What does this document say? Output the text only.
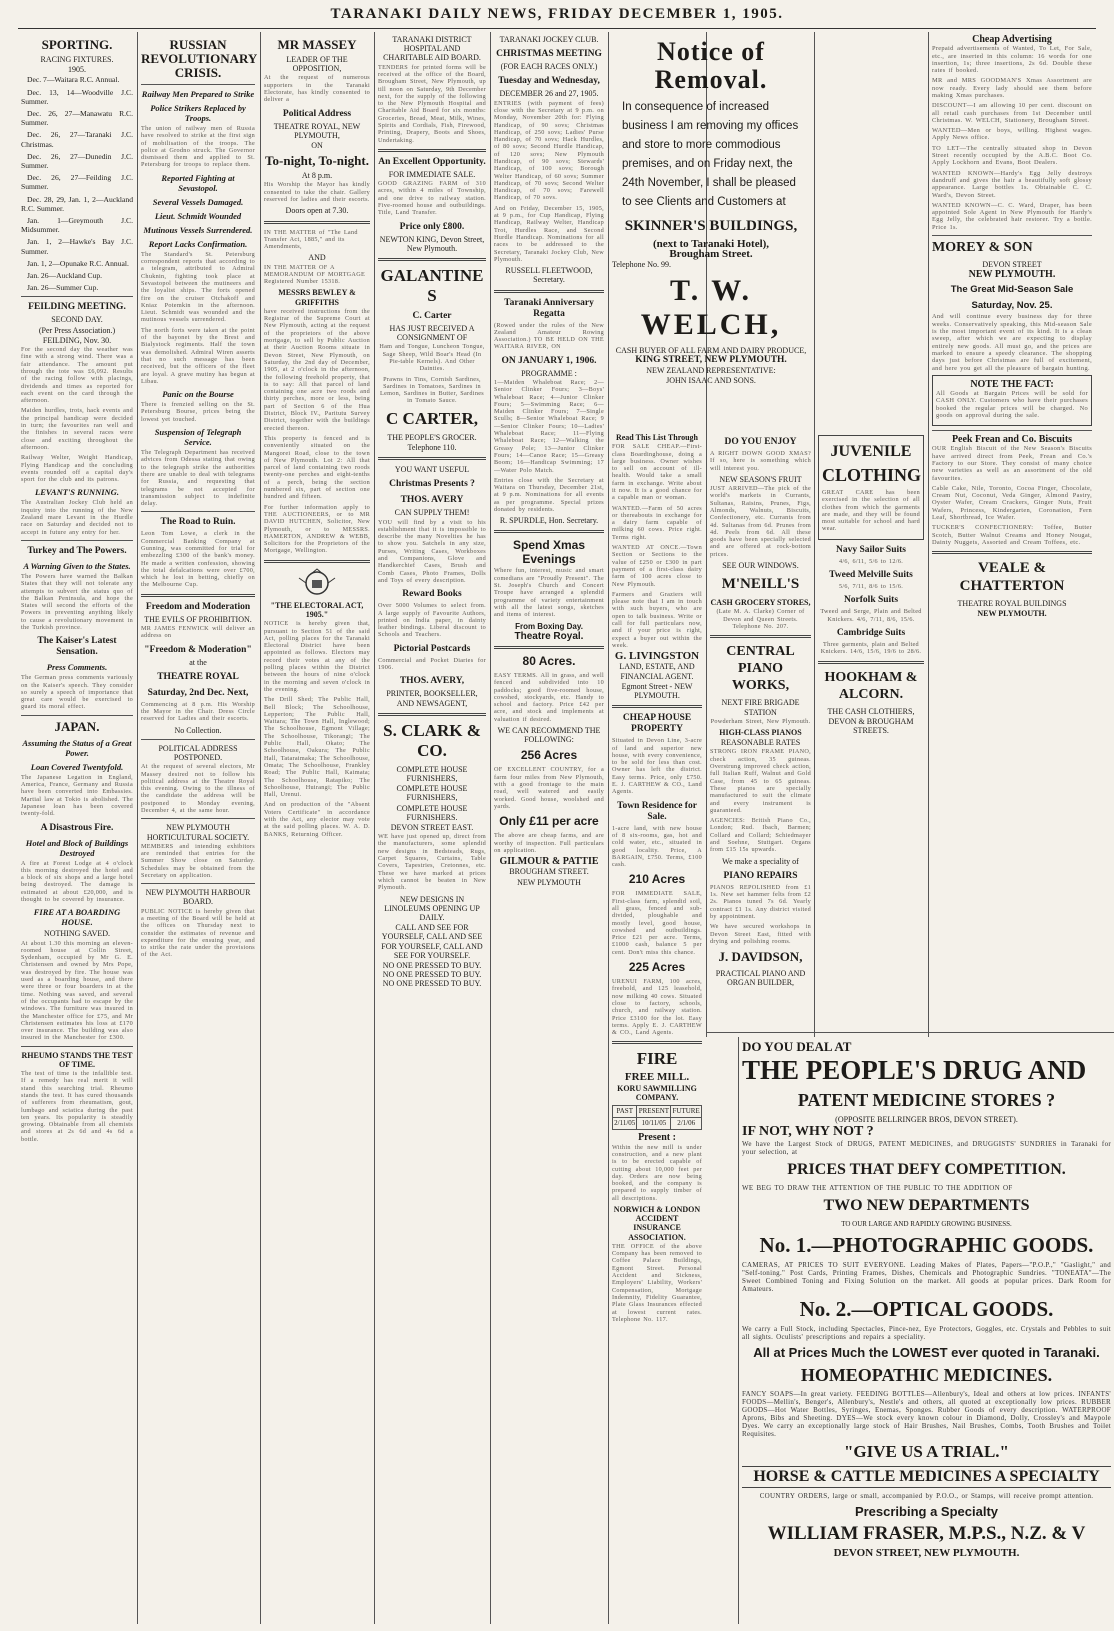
TARANAKI DAILY NEWS, FRIDAY DECEMBER 1, 1905.
SPORTING.
RACING FIXTURES.
1905.
Dec. 7—Waitara R.C. Annual.
Dec. 13, 14—Woodville J.C. Summer.
Dec. 26, 27—Manawatu R.C. Summer.
Dec. 26, 27—Taranaki J.C. Christmas.
Dec. 26, 27—Dunedin J.C. Summer.
Dec. 26, 27—Feilding J.C. Summer.
Dec. 28, 29, Jan. 1, 2—Auckland R.C. Summer.
Jan. 1—Greymouth J.C. Midsummer.
Jan. 1, 2—Hawke's Bay J.C. Summer.
Jan. 1, 2—Opunake R.C. Annual.
Jan. 26—Auckland Cup.
Jan. 26—Summer Cup.
FEILDING MEETING.
SECOND DAY.
(Per Press Association.)
FEILDING, Nov. 30.
For the second day the weather was fine with a strong wind. There was a fair attendance. The amount put through the tote was £6,092. Results of the racing follow with placings, dividends and times as reported for each event on the card through the afternoon.
Maiden hurdles, trots, hack events and the principal handicap were decided in turn; the favourites ran well and the finishes in several races were close and exciting throughout the afternoon.
Railway Welter, Weight Handicap, Flying Handicap and the concluding events rounded off a capital day's sport for the club and its patrons.
LEVANT'S RUNNING.
The Australian Jockey Club held an inquiry into the running of the New Zealand mare Levant in the Hurdle race on Saturday and decided not to accept in future any entry for her.
Turkey and The Powers.
A Warning Given to the States.
The Powers have warned the Balkan States that they will not tolerate any attempts to subvert the status quo of the Balkan Peninsula, and hope the States will second the efforts of the Powers in preventing anything likely to cause a revolutionary movement in the Turkish province.
The Kaiser's Latest Sensation.
Press Comments.
The German press comments variously on the Kaiser's speech. They consider so surely a speech of importance that great care would be exercised to guard its moral effect.
JAPAN.
Assuming the Status of a Great Power.
Loan Covered Twentyfold.
The Japanese Legation in England, America, France, Germany and Russia have been converted into Embassies. Martial law at Tokio is abolished. The Japanese loan has been covered twenty-fold.
A Disastrous Fire.
Hotel and Block of Buildings Destroyed
A fire at Forest Lodge at 4 o'clock this morning destroyed the hotel and a block of six shops and a large hotel being destroyed. The damage is estimated at about £20,000, and is thought to be covered by insurance.
FIRE AT A BOARDING HOUSE.
NOTHING SAVED.
At about 1.30 this morning an eleven-roomed house at Collin Street, Sydenham, occupied by Mr G. E. Christensen and owned by Mrs Pope, was destroyed by fire. The house was used as a boarding house, and there were three or four boarders in at the time. Nothing was saved, and several of the occupants had to escape by the windows. The furniture was insured in the Manchester office for £75, and Mr Christensen estimates his loss at £170 over insurance. The building was also insured in the Manchester for £300.
RHEUMO STANDS THE TEST OF TIME.
The test of time is the infallible test. If a remedy has real merit it will stand this searching trial. Rheumo stands the test. It has cured thousands of sufferers from rheumatism, gout, lumbago and sciatica during the past ten years. Its popularity is steadily growing. Obtainable from all chemists and stores at 2s 6d and 4s 6d a bottle.
RUSSIAN REVOLUTIONARY CRISIS.
Railway Men Prepared to Strike
Police Strikers Replaced by Troops.
The union of railway men of Russia have resolved to strike at the first sign of mobilisation of the troops. The police at Grodno struck. The Governor dismissed them and applied to St. Petersburg for troops to replace them.
Reported Fighting at Sevastopol.
Several Vessels Damaged.
Lieut. Schmidt Wounded
Mutinous Vessels Surrendered.
Report Lacks Confirmation.
The Standard's St. Petersburg correspondent reports that according to a telegram, attributed to Admiral Chuknin, fighting took place at Sevastopol between the mutineers and the loyalist ships. The forts opened fire on the cruiser Otchakoff and Kniaz Potemkin in the afternoon. Lieut. Schmidt was wounded and the mutinous vessels surrendered.
The north forts were taken at the point of the bayonet by the Brest and Bialystock regiments. Half the town was demolished. Admiral Wiren asserts that no such message has been received, but the officers of the fleet are loyal. A grave mutiny has begun at Libau.
Panic on the Bourse
There is frenzied selling on the St. Petersburg Bourse, prices being the lowest yet touched.
Suspension of Telegraph Service.
The Telegraph Department has received advices from Odessa stating that owing to the telegraph strike the authorities there are unable to deal with telegrams for Russia, and requesting that telegrams be not accepted for transmission subject to indefinite delay.
The Road to Ruin.
Leon Tom Lowe, a clerk in the Commercial Banking Company at Gunning, was committed for trial for embezzling £300 of the bank's money. He made a written confession, showing the total defalcations were over £700, which he lost in betting, chiefly on the Melbourne Cup.
Freedom and Moderation
THE EVILS OF PROHIBITION.
MR JAMES FENWICK will deliver an address on
"Freedom & Moderation"
at the
THEATRE ROYAL
Saturday, 2nd Dec. Next,
Commencing at 8 p.m. His Worship the Mayor in the Chair. Dress Circle reserved for Ladies and their escorts.
No Collection.
POLITICAL ADDRESS POSTPONED.
At the request of several electors, Mr Massey desired not to follow his political address at the Theatre Royal this evening. Owing to the illness of the candidate the address will be postponed to Monday evening, December 4, at the same hour.
NEW PLYMOUTH HORTICULTURAL SOCIETY.
MEMBERS and intending exhibitors are reminded that entries for the Summer Show close on Saturday. Schedules may be obtained from the Secretary on application.
NEW PLYMOUTH HARBOUR BOARD.
PUBLIC NOTICE is hereby given that a meeting of the Board will be held at the offices on Thursday next to consider the estimates of revenue and expenditure for the ensuing year, and to strike the rate under the provisions of the Act.
MR MASSEY
LEADER OF THE OPPOSITION,
At the request of numerous supporters in the Taranaki Electorate, has kindly consented to deliver a
Political Address
THEATRE ROYAL, NEW PLYMOUTH,
ON
To-night, To-night.
At 8 p.m.
His Worship the Mayor has kindly consented to take the chair. Gallery reserved for ladies and their escorts.
Doors open at 7.30.
IN THE MATTER of "The Land Transfer Act, 1885," and its Amendments,
AND
IN THE MATTER OF A MEMORANDUM OF MORTGAGE Registered Number 15318.
MESSRS BEWLEY & GRIFFITHS
have received instructions from the Registrar of the Supreme Court at New Plymouth, acting at the request of the proprietors of the above mortgage, to sell by Public Auction at their Auction Rooms situate in Devon Street, New Plymouth, on Saturday, the 2nd day of December, 1905, at 2 o'clock in the afternoon, the following freehold property, that is to say: All that parcel of land containing one acre two roods and thirty perches, more or less, being part of Section 6 of the Hua District, Block IV., Paritutu Survey District, together with the buildings erected thereon.
This property is fenced and is conveniently situated on the Mangorei Road, close to the town of New Plymouth. Lot 2: All that parcel of land containing two roods twenty-one perches and eight-tenths of a perch, being the section numbered six, part of section one hundred and fifteen.
For further information apply to THE AUCTIONEERS, or to MR DAVID HUTCHEN, Solicitor, New Plymouth, or to MESSRS. HAMERTON, ANDREW & WEBB, Solicitors for the Proprietors of the Mortgage, Wellington.
"THE ELECTORAL ACT, 1905."
NOTICE is hereby given that, pursuant to Section 51 of the said Act, polling places for the Taranaki Electoral District have been appointed as follows. Electors may record their votes at any of the polling places within the District between the hours of nine o'clock in the morning and seven o'clock in the evening.
The Drill Shed; The Public Hall, Bell Block; The Schoolhouse, Lepperton; The Public Hall, Waitara; The Town Hall, Inglewood; The Schoolhouse, Egmont Village; The Schoolhouse, Tikorangi; The Public Hall, Okato; The Schoolhouse, Oakura; The Public Hall, Tataraimaka; The Schoolhouse, Omata; The Schoolhouse, Frankley Road; The Public Hall, Kaimata; The Schoolhouse, Ratapiko; The Schoolhouse, Huirangi; The Public Hall, Urenui.
And on production of the "Absent Voters Certificate" in accordance with the Act, any elector may vote at the said polling places. W. A. D. BANKS, Returning Officer.
TARANAKI DISTRICT HOSPITAL AND CHARITABLE AID BOARD.
TENDERS for printed forms will be received at the office of the Board, Brougham Street, New Plymouth, up till noon on Saturday, 9th December next, for the supply of the following to the New Plymouth Hospital and Charitable Aid Board for six months: Groceries, Bread, Meat, Milk, Wines, Spirits and Cordials, Fish, Firewood, Printing, Drapery, Boots and Shoes, Undertaking.
An Excellent Opportunity.
FOR IMMEDIATE SALE.
GOOD GRAZING FARM of 310 acres, within 4 miles of Township, and one drive to railway station. Five-roomed house and outbuildings. Title, Land Transfer.
Price only £800.
NEWTON KING, Devon Street, New Plymouth.
GALANTINE S
C. Carter
HAS JUST RECEIVED A CONSIGNMENT OF
Ham and Tongue, Luncheon Tongue, Sage Sheep, Wild Boar's Head (In Pie-table Kernels). And Other Dainties.
Prawns in Tins, Cornish Sardines, Sardines in Tomatoes, Sardines in Lemon, Sardines in Butter, Sardines in Tomato Sauce.
C CARTER,
THE PEOPLE'S GROCER.
Telephone 110.
YOU WANT USEFUL
Christmas Presents ?
THOS. AVERY
CAN SUPPLY THEM!
YOU will find by a visit to his establishment that it is impossible to describe the many Novelties he has to show you. Satchels in any size, Purses, Writing Cases, Workboxes and Companions, Glove and Handkerchief Cases, Brush and Comb Cases, Photo Frames, Dolls and Toys of every description.
Reward Books
Over 5000 Volumes to select from. A large supply of Favourite Authors, printed on India paper, in dainty leather bindings. Liberal discount to Schools and Teachers.
Pictorial Postcards
Commercial and Pocket Diaries for 1906.
THOS. AVERY,
PRINTER, BOOKSELLER, AND NEWSAGENT,
S. CLARK & CO.
COMPLETE HOUSE FURNISHERS,
COMPLETE HOUSE FURNISHERS,
COMPLETE HOUSE FURNISHERS.
DEVON STREET EAST.
WE have just opened up, direct from the manufacturers, some splendid new designs in Bedsteads, Rugs, Carpet Squares, Curtains, Table Covers, Tapestries, Cretonnes, etc. These we have marked at prices which cannot be beaten in New Plymouth.
NEW DESIGNS IN LINOLEUMS OPENING UP DAILY.
CALL AND SEE FOR YOURSELF, CALL AND SEE FOR YOURSELF, CALL AND SEE FOR YOURSELF.
NO ONE PRESSED TO BUY. NO ONE PRESSED TO BUY. NO ONE PRESSED TO BUY.
TARANAKI JOCKEY CLUB.
CHRISTMAS MEETING
(FOR EACH RACES ONLY.)
Tuesday and Wednesday,
DECEMBER 26 and 27, 1905.
ENTRIES (with payment of fees) close with the Secretary at 9 p.m. on Monday, November 20th for: Flying Handicap, of 90 sovs; Christmas Handicap, of 250 sovs; Ladies' Purse Handicap, of 70 sovs; Hack Hurdles, of 80 sovs; Second Hurdle Handicap, of 120 sovs; New Plymouth Handicap, of 90 sovs; Stewards' Handicap, of 100 sovs; Borough Welter Handicap, of 60 sovs; Summer Handicap, of 70 sovs; Second Welter Handicap, of 70 sovs; Farewell Handicap, of 70 sovs.
And on Friday, December 15, 1905, at 9 p.m., for Cup Handicap, Flying Handicap, Railway Welter, Handicap Trot, Hurdles Race, and Second Hurdle Handicap. Nominations for all races to be addressed to the Secretary, Taranaki Jockey Club, New Plymouth.
RUSSELL FLEETWOOD, Secretary.
Taranaki Anniversary Regatta
(Rowed under the rules of the New Zealand Amateur Rowing Association.) TO BE HELD ON THE WAITARA RIVER, ON
ON JANUARY 1, 1906.
PROGRAMME :
1—Maiden Whaleboat Race; 2—Senior Clinker Fours; 3—Boys' Whaleboat Race; 4—Junior Clinker Fours; 5—Swimming Race; 6—Maiden Clinker Fours; 7—Single Sculls; 8—Senior Whaleboat Race; 9—Senior Clinker Fours; 10—Ladies' Whaleboat Race; 11—Flying Whaleboat Race; 12—Walking the Greasy Pole; 13—Junior Clinker Fours; 14—Canoe Race; 15—Greasy Boom; 16—Handicap Swimming; 17—Water Polo Match.
Entries close with the Secretary at Waitara on Thursday, December 21st, at 9 p.m. Nominations for all events as per programme. Special prizes donated by residents.
R. SPURDLE, Hon. Secretary.
Spend Xmas Evenings
Where fun, interest, music and smart comedians are "Proudly Present". The St. Joseph's Church and Concert Troupe have arranged a splendid programme of variety entertainment with all the latest songs, sketches and items of interest.
From Boxing Day.
Theatre Royal.
80 Acres.
EASY TERMS. All in grass, and well fenced and subdivided into 10 paddocks; good five-roomed house, cowshed, stockyards, etc. Handy to school and factory. Price £42 per acre, and stock and implements at valuation if desired.
WE CAN RECOMMEND THE FOLLOWING:
256 Acres
OF EXCELLENT COUNTRY, for a farm four miles from New Plymouth, with a good frontage to the main road, well watered and easily worked. Good house, woolshed and yards.
Only £11 per acre
The above are cheap farms, and are worthy of inspection. Full particulars on application.
GILMOUR & PATTIE
BROUGHAM STREET.
NEW PLYMOUTH
Notice of Removal.
In consequence of increased business I am removing my offices and store to more commodious premises, and on Friday next, the 24th November, I shall be pleased to see Clients and Customers at
SKINNER'S BUILDINGS,
(next to Taranaki Hotel),
Brougham Street.
Telephone No. 99.
T. W. WELCH,
CASH BUYER OF ALL FARM AND DAIRY PRODUCE,
KING STREET, NEW PLYMOUTH.
NEW ZEALAND REPRESENTATIVE:
JOHN ISAAC AND SONS.
Read This List Through
FOR SALE CHEAP.—First-class Boardinghouse, doing a large business. Owner wishes to sell on account of ill-health. Would take a small farm in exchange. Write about it now. It is a good chance for a capable man or woman.
WANTED.—Farm of 50 acres or thereabouts in exchange for a dairy farm capable of milking 60 cows. Price right. Terms right.
WANTED AT ONCE.—Town Section or Sections to the value of £250 or £300 in part payment of a first-class dairy farm of 100 acres close to New Plymouth.
Farmers and Graziers will please note that I am in touch with such buyers, who are open to talk business. Write or call for full particulars now, and if your price is right, expect a buyer out within the week.
G. LIVINGSTON
LAND, ESTATE, AND FINANCIAL AGENT.
Egmont Street - NEW PLYMOUTH.
CHEAP HOUSE PROPERTY
Situated in Devon Line, 3-acre of land and superior new house, with every convenience, to be sold for less than cost. Owner has left the district. Easy terms. Price, only £750. E. J. CARTHEW & CO., Land Agents.
Town Residence for Sale.
1-acre land, with new house of 8 six-rooms, gas, hot and cold water, etc., situated in good locality. Price, A BARGAIN, £750. Terms, £100 cash.
210 Acres
FOR IMMEDIATE SALE, First-class farm, splendid soil, all grass, fenced and sub-divided, ploughable and mostly level, good house, cowshed and outbuildings. Price £21 per acre. Terms, £1000 cash, balance 5 per cent. Don't miss this chance.
225 Acres
URENUI FARM, 100 acres, freehold, and 125 leasehold, now milking 40 cows. Situated close to factory, schools, church, and railway station. Price £3100 for the lot. Easy terms. Apply E. J. CARTHEW & CO., Land Agents.
FIRE
FREE MILL.
KORU SAWMILLING COMPANY.
PAST	PRESENT	FUTURE
2/11/05	10/11/05	2/1/06
Present :
Within the new mill is under construction, and a new plant is to be erected capable of cutting about 10,000 feet per day. Orders are now being booked, and the company is prepared to supply timber of all descriptions.
NORWICH & LONDON ACCIDENT INSURANCE ASSOCIATION.
THE OFFICE of the above Company has been removed to Coffee Palace Buildings, Egmont Street. Personal Accident and Sickness, Employers' Liability, Workers' Compensation, Mortgage Indemnity, Fidelity Guarantee, Plate Glass Insurances effected at lowest current rates. Telephone No. 117.
DO YOU ENJOY
A RIGHT DOWN GOOD XMAS? If so, here is something which will interest you.
NEW SEASON'S FRUIT
JUST ARRIVED—The pick of the world's markets in Currants, Sultanas, Raisins, Prunes, Figs, Almonds, Walnuts, Biscuits, Confectionery, etc. Currants from 4d. Sultanas from 6d. Prunes from 4d. Peels from 6d. All these goods have been specially selected and are offered at rock-bottom prices.
SEE OUR WINDOWS.
M'NEILL'S
CASH GROCERY STORES,
(Late M. A. Clarke) Corner of Devon and Queen Streets. Telephone No. 207.
CENTRAL PIANO WORKS,
NEXT FIRE BRIGADE STATION
Powderham Street, New Plymouth.
HIGH-CLASS PIANOS
REASONABLE RATES
STRONG IRON FRAME PIANO, check action, 35 guineas. Overstrung improved check action, full Italian Ruff, Walnut and Gold Case, from 45 to 65 guineas. These pianos are specially manufactured to suit the climate and every instrument is guaranteed.
AGENCIES: British Piano Co., London; Rud. Ibach, Barmen; Collard and Collard; Schiedmayer and Soehne, Stuttgart. Organs from £15 15s upwards.
We make a speciality of
PIANO REPAIRS
PIANOS REPOLISHED from £1 1s. New set hammer felts from £2 2s. Pianos tuned 7s 6d. Yearly contract £1 1s. Any district visited by appointment.
We have secured workshops in Devon Street East, fitted with drying and polishing rooms.
J. DAVIDSON,
PRACTICAL PIANO AND ORGAN BUILDER,
JUVENILE
CLOTHING
GREAT CARE has been exercised in the selection of all clothes from which the garments are made, and they will be found most suitable for school and hard wear.
Navy Sailor Suits
4/6, 6/11, 5/6 to 12/6.
Tweed Melville Suits
5/6, 7/11, 8/6 to 15/6.
Norfolk Suits
Tweed and Serge, Plain and Belted Knickers. 4/6, 7/11, 8/6, 15/6.
Cambridge Suits
Three garments, plain and Belted Knickers. 14/6, 15/6, 19/6 to 28/6.
HOOKHAM & ALCORN.
THE CASH CLOTHIERS,
DEVON & BROUGHAM STREETS.
Cheap Advertising
Prepaid advertisements of Wanted, To Let, For Sale, etc., are inserted in this column: 16 words for one insertion, 1s; three insertions, 2s 6d. Double these rates if booked.
MR and MRS GOODMAN'S Xmas Assortment are now ready. Every lady should see them before making Xmas purchases.
DISCOUNT—I am allowing 10 per cent. discount on all retail cash purchases from 1st December until Christmas. W. WELCH, Stationery, Brougham Street.
WANTED—Men or boys, willing. Highest wages. Apply News office.
TO LET—The centrally situated shop in Devon Street recently occupied by the A.B.C. Boot Co. Apply Lockhorn and Evans, Boot Dealers.
WANTED KNOWN—Hardy's Egg Jelly destroys dandruff and gives the hair a beautifully soft glossy appearance. Large bottles 1s. Obtainable C. C. Ward's, Devon Street.
WANTED KNOWN—C. C. Ward, Draper, has been appointed Sole Agent in New Plymouth for Hardy's Egg Jelly, the celebrated hair restorer. Try a bottle. Price 1s.
MOREY & SON
DEVON STREET
NEW PLYMOUTH.
The Great Mid-Season Sale
Saturday, Nov. 25.
And will continue every business day for three weeks. Conservatively speaking, this Mid-season Sale is the most important event of its kind. It is a clean sweep, after which we are expecting to display entirely new goods. All must go, and the prices are marked to ensure a speedy clearance. The shopping days just before Christmas are full of excitement, and here you get all the pleasure of bargain hunting.
NOTE THE FACT:
All Goods at Bargain Prices will be sold for CASH ONLY. Customers who have their purchases booked the regular prices will be charged. No goods on approval during the sale.
Peek Frean and Co. Biscuits
OUR English Biscuit of the New Season's Biscuits have arrived direct from Peek, Frean and Co.'s Factory to our Store. They consist of many choice new varieties as well as an assortment of the old favourites.
Cable Cake, Nile, Toronto, Cocoa Finger, Chocolate, Cream Nut, Coconut, Veda Ginger, Almond Pastry, Oyster Wafer, Cream Crackers, Ginger Nuts, Fruit Wafers, Princess, Kindergarten, Coronation, Fern Leaf, Shortbread, Ice Wafer.
TUCKER'S CONFECTIONERY: Toffee, Butter Scotch, Butter Walnut Creams and Honey Nougat, Dainty Nuggets, Assorted and Cream Toffees, etc.
VEALE & CHATTERTON
THEATRE ROYAL BUILDINGS
NEW PLYMOUTH.
DO YOU DEAL AT
THE PEOPLE'S DRUG AND
PATENT MEDICINE STORES ?
(OPPOSITE BELLRINGER BROS, DEVON STREET).
IF NOT, WHY NOT ?
We have the Largest Stock of DRUGS, PATENT MEDICINES, and DRUGGISTS' SUNDRIES in Taranaki for your selection, at
PRICES THAT DEFY COMPETITION.
WE BEG TO DRAW THE ATTENTION OF THE PUBLIC TO THE ADDITION OF
TWO NEW DEPARTMENTS
TO OUR LARGE AND RAPIDLY GROWING BUSINESS.
No. 1.—PHOTOGRAPHIC GOODS.
CAMERAS, AT PRICES TO SUIT EVERYONE. Leading Makes of Plates, Papers—"P.O.P.," "Gaslight," and "Self-toning." Post Cards, Printing Frames, Dishes, Chemicals and Photographic Sundries. "TONEATA"—The Sweet Combined Toning and Fixing Solution on the market. All goods at popular prices. Dark Room for Amateurs.
No. 2.—OPTICAL GOODS.
We carry a Full Stock, including Spectacles, Pince-nez, Eye Protectors, Goggles, etc. Crystals and Pebbles to suit all sights. Oculists' prescriptions and repairs a speciality.
All at Prices Much the LOWEST ever quoted in Taranaki.
HOMEOPATHIC MEDICINES.
FANCY SOAPS—In great variety. FEEDING BOTTLES—Allenbury's, Ideal and others at low prices. INFANTS' FOODS—Mellin's, Benger's, Allenbury's, Nestle's and others, all quoted at exceptionally low prices. RUBBER GOODS—Hot Water Bottles, Syringes, Enemas, Sponges. Rubber Goods of every description. WATERPROOF Aprons, Bibs and Sheeting. DYES—We stock every known colour in Diamond, Dolly, Crossley's and Maypole Dyes. We carry an exceptionally large stock of Hair Brushes, Nail Brushes, Combs, Tooth Brushes and Toilet Requisites.
"GIVE US A TRIAL."
HORSE & CATTLE MEDICINES A SPECIALTY
COUNTRY ORDERS, large or small, accompanied by P.O.O., or Stamps, will receive prompt attention.
Prescribing a Specialty
WILLIAM FRASER, M.P.S., N.Z. & V
DEVON STREET, NEW PLYMOUTH.
